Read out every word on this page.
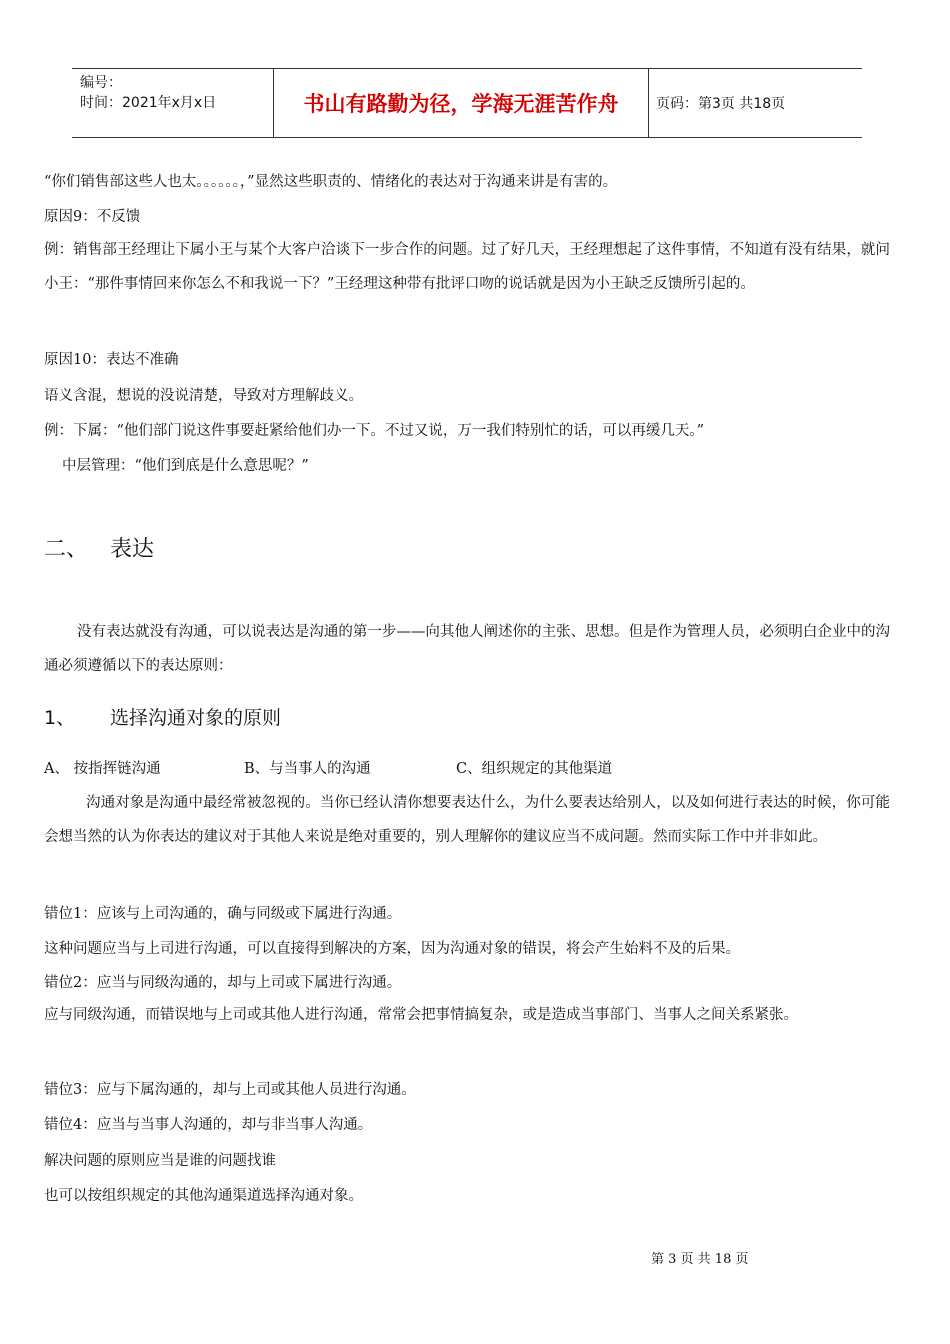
编号：
时间：2021年x月x日	书山有路勤为径，学海无涯苦作舟	页码：第3页 共18页
“你们销售部这些人也太。。。。。。，”显然这些职责的、情绪化的表达对于沟通来讲是有害的。
原因9：不反馈
例：销售部王经理让下属小王与某个大客户洽谈下一步合作的问题。过了好几天，王经理想起了这件事情，不知道有没有结果，就问小王：“那件事情回来你怎么不和我说一下？”王经理这种带有批评口吻的说话就是因为小王缺乏反馈所引起的。
原因10：表达不准确
语义含混，想说的没说清楚，导致对方理解歧义。
例：下属：“他们部门说这件事要赶紧给他们办一下。不过又说，万一我们特别忙的话，可以再缓几天。”
中层管理：“他们到底是什么意思呢？”
二、 表达
没有表达就没有沟通，可以说表达是沟通的第一步——向其他人阐述你的主张、思想。但是作为管理人员，必须明白企业中的沟通必须遵循以下的表达原则：
1、 选择沟通对象的原则
A、 按指挥链沟通	B、与当事人的沟通	C、组织规定的其他渠道
沟通对象是沟通中最经常被忽视的。当你已经认清你想要表达什么，为什么要表达给别人，以及如何进行表达的时候，你可能会想当然的认为你表达的建议对于其他人来说是绝对重要的，别人理解你的建议应当不成问题。然而实际工作中并非如此。
错位1：应该与上司沟通的，确与同级或下属进行沟通。
这种问题应当与上司进行沟通，可以直接得到解决的方案，因为沟通对象的错误，将会产生始料不及的后果。
错位2：应当与同级沟通的，却与上司或下属进行沟通。
应与同级沟通，而错误地与上司或其他人进行沟通，常常会把事情搞复杂，或是造成当事部门、当事人之间关系紧张。
错位3：应与下属沟通的，却与上司或其他人员进行沟通。
错位4：应当与当事人沟通的，却与非当事人沟通。
解决问题的原则应当是谁的问题找谁
也可以按组织规定的其他沟通渠道选择沟通对象。
第 3 页 共 18 页
